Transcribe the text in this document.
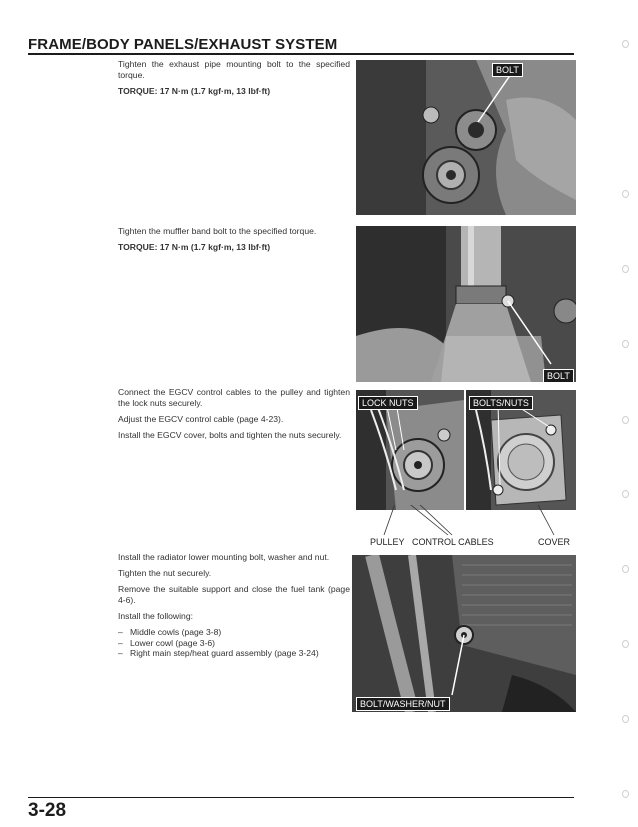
FRAME/BODY PANELS/EXHAUST SYSTEM

Tighten the exhaust pipe mounting bolt to the specified torque.

TORQUE: 17 N·m (1.7 kgf·m, 13 lbf·ft)

BOLT

Tighten the muffler band bolt to the specified torque.

TORQUE: 17 N·m (1.7 kgf·m, 13 lbf·ft)

BOLT

Connect the EGCV control cables to the pulley and tighten the lock nuts securely.

Adjust the EGCV control cable (page 4-23).

Install the EGCV cover, bolts and tighten the nuts securely.

LOCK NUTS	BOLTS/NUTS
PULLEY CONTROL CABLES	COVER

Install the radiator lower mounting bolt, washer and nut.

Tighten the nut securely.

Remove the suitable support and close the fuel tank (page 4-6).

Install the following:

– Middle cowls (page 3-8)
– Lower cowl (page 3-6)
– Right main step/heat guard assembly (page 3-24)
BOLT/WASHER/NUT
3-28
